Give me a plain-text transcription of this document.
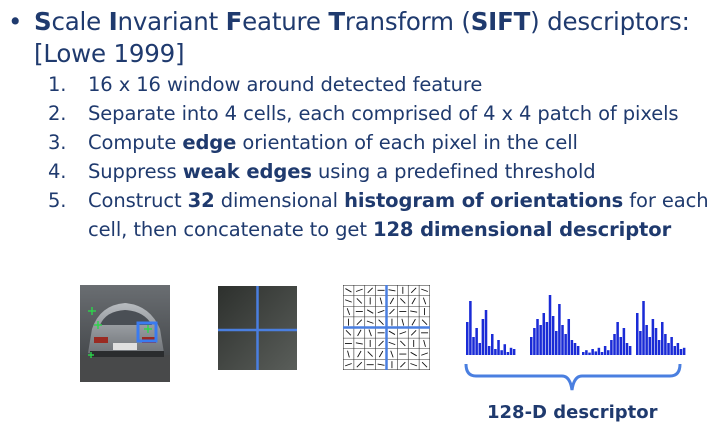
• Scale Invariant Feature Transform (SIFT) descriptors:
[Lowe 1999]
1. 16 x 16 window around detected feature
2. Separate into 4 cells, each comprised of 4 x 4 patch of pixels
3. Compute edge orientation of each pixel in the cell
4. Suppress weak edges using a predefined threshold
5. Construct 32 dimensional histogram of orientations for each
cell, then concatenate to get 128 dimensional descriptor
128-D descriptor
